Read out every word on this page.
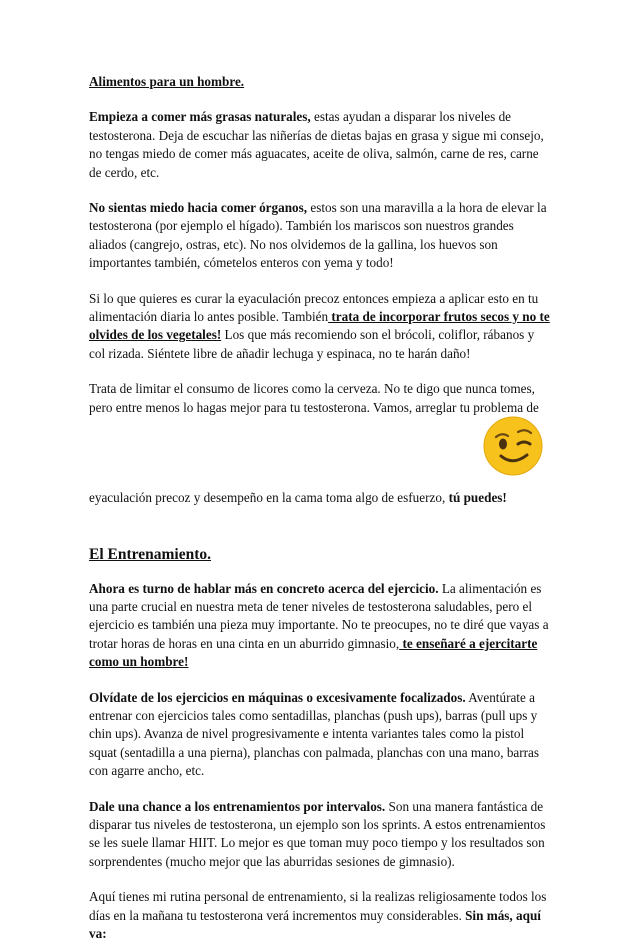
Alimentos para un hombre.

Empieza a comer más grasas naturales, estas ayudan a disparar los niveles de testosterona. Deja de escuchar las niñerías de dietas bajas en grasa y sigue mi consejo, no tengas miedo de comer más aguacates, aceite de oliva, salmón, carne de res, carne de cerdo, etc.

No sientas miedo hacia comer órganos, estos son una maravilla a la hora de elevar la testosterona (por ejemplo el hígado). También los mariscos son nuestros grandes aliados (cangrejo, ostras, etc). No nos olvidemos de la gallina, los huevos son importantes también, cómetelos enteros con yema y todo!

Si lo que quieres es curar la eyaculación precoz entonces empieza a aplicar esto en tu alimentación diaria lo antes posible. También trata de incorporar frutos secos y no te olvides de los vegetales! Los que más recomiendo son el brócoli, coliflor, rábanos y col rizada. Siéntete libre de añadir lechuga y espinaca, no te harán daño!

Trata de limitar el consumo de licores como la cerveza. No te digo que nunca tomes, pero entre menos lo hagas mejor para tu testosterona. Vamos, arreglar tu problema de

eyaculación precoz y desempeño en la cama toma algo de esfuerzo, tú puedes!

El Entrenamiento.

Ahora es turno de hablar más en concreto acerca del ejercicio. La alimentación es una parte crucial en nuestra meta de tener niveles de testosterona saludables, pero el ejercicio es también una pieza muy importante. No te preocupes, no te diré que vayas a trotar horas de horas en una cinta en un aburrido gimnasio, te enseñaré a ejercitarte como un hombre!

Olvídate de los ejercicios en máquinas o excesivamente focalizados. Aventúrate a entrenar con ejercicios tales como sentadillas, planchas (push ups), barras (pull ups y chin ups). Avanza de nivel progresivamente e intenta variantes tales como la pistol squat (sentadilla a una pierna), planchas con palmada, planchas con una mano, barras con agarre ancho, etc.

Dale una chance a los entrenamientos por intervalos. Son una manera fantástica de disparar tus niveles de testosterona, un ejemplo son los sprints. A estos entrenamientos se les suele llamar HIIT. Lo mejor es que toman muy poco tiempo y los resultados son sorprendentes (mucho mejor que las aburridas sesiones de gimnasio).

Aquí tienes mi rutina personal de entrenamiento, si la realizas religiosamente todos los días en la mañana tu testosterona verá incrementos muy considerables. Sin más, aquí va:
